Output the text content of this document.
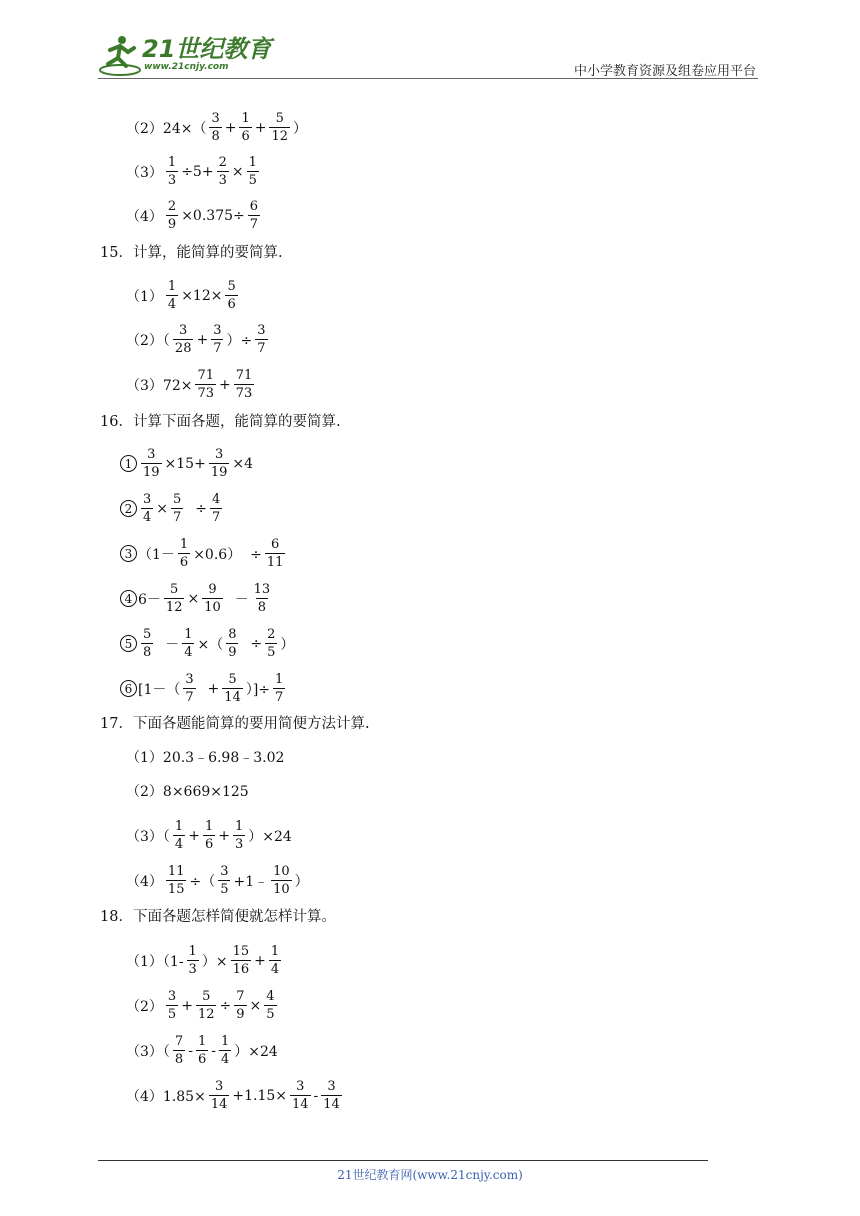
21世纪教育
www.21cnjy.com	中小学教育资源及组卷应用平台
$(2)24\times( \frac{3}{8} + \frac{1}{6} + \frac{5}{12}$ ）
$(3) \frac{1}{3} \div 5+ \frac{2}{3} \times \frac{1}{5}$
$(4) \frac{2}{9} \times 0.375\div \frac{6}{7}$
15．计算，能简算的要简算.
$(1) \frac{1}{4} \times 12\times \frac{5}{6}$
$(2)( \frac{3}{28} + \frac{3}{7}$ ）÷ $\frac{3}{7}$
$(3)72\times \frac{71}{73} + \frac{71}{73}$
16．计算下面各题，能简算的要简算.
$1 \frac{3}{19} \times 15+ \frac{3}{19} \times 4$
$2 \frac{3}{4} \times \frac{5}{7} \div \frac{4}{7}$
3 $(1- \frac{1}{6} \times 0.6) \div \frac{6}{11}$
4 $6- \frac{5}{12} \times \frac{9}{10} - \frac{13}{8}$
$5 \frac{5}{8} - \frac{1}{4}$ ×（ $\frac{8}{9} \div \frac{2}{5}$ ）
6 [$1-( \frac{3}{7} + \frac{5}{14}$ ）]÷ $\frac{1}{7}$
17．下面各题能简算的要用简便方法计算.
（1）20.3﹣6.98﹣3.02
（2）8×669×125
$(3)( \frac{1}{4} + \frac{1}{6} + \frac{1}{3} )\times 24$
$(4) \frac{11}{15}$ ÷（ $\frac{3}{5}$ +1﹣ $\frac{10}{10}$ ）
18．下面各题怎样简便就怎样计算。
$(1)(1- \frac{1}{3}$ ）× $\frac{15}{16} + \frac{1}{4}$
$(2) \frac{3}{5} + \frac{5}{12} \div \frac{7}{9} \times \frac{4}{5}$
$(3)( \frac{7}{8} - \frac{1}{6} - \frac{1}{4} )\times 24$
$(4)1.85\times \frac{3}{14} +1.15\times \frac{3}{14} - \frac{3}{14}$
21世纪教育网(www.21cnjy.com)
